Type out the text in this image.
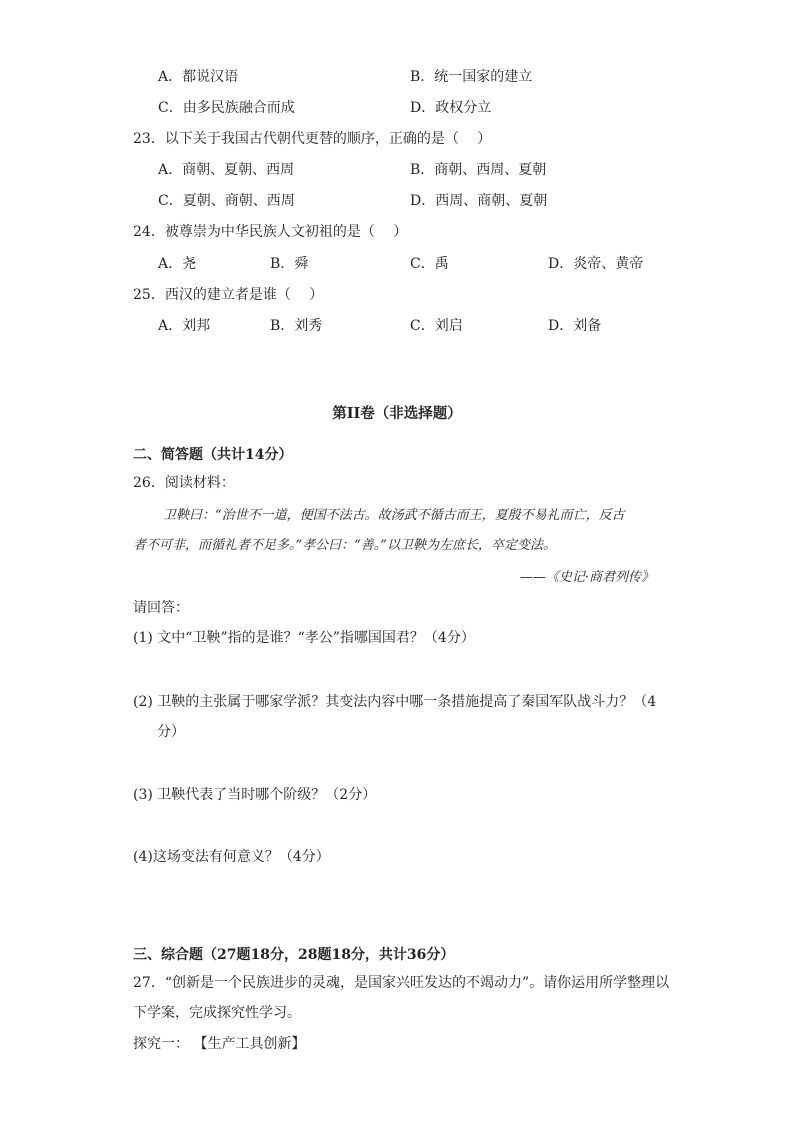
A．都说汉语	B．统一国家的建立
C．由多民族融合而成	D．政权分立
23．以下关于我国古代朝代更替的顺序，正确的是（　 ）
A．商朝、夏朝、西周	B．商朝、西周、夏朝
C．夏朝、商朝、西周	D．西周、商朝、夏朝
24．被尊崇为中华民族人文初祖的是（　 ）
A．尧	B．舜	C．禹	D．炎帝、黄帝
25．西汉的建立者是谁（　 ）
A．刘邦	B．刘秀	C．刘启	D．刘备
第II卷（非选择题）
二、简答题（共计14分）
26．阅读材料：
卫鞅曰：“治世不一道，便国不法古。故汤武不循古而王，夏殷不易礼而亡，反古
者不可非，而循礼者不足多。”孝公曰：“善。”以卫鞅为左庶长，卒定变法。
——《史记·商君列传》
请回答：
(1) 文中“卫鞅”指的是谁？“孝公”指哪国国君？（4分）
(2) 卫鞅的主张属于哪家学派？其变法内容中哪一条措施提高了秦国军队战斗力？（4
分）
(3) 卫鞅代表了当时哪个阶级？（2分）
(4)这场变法有何意义？（4分）
三、综合题（27题18分，28题18分，共计36分）
27．“创新是一个民族进步的灵魂，是国家兴旺发达的不竭动力”。请你运用所学整理以
下学案，完成探究性学习。
探究一： 【生产工具创新】
